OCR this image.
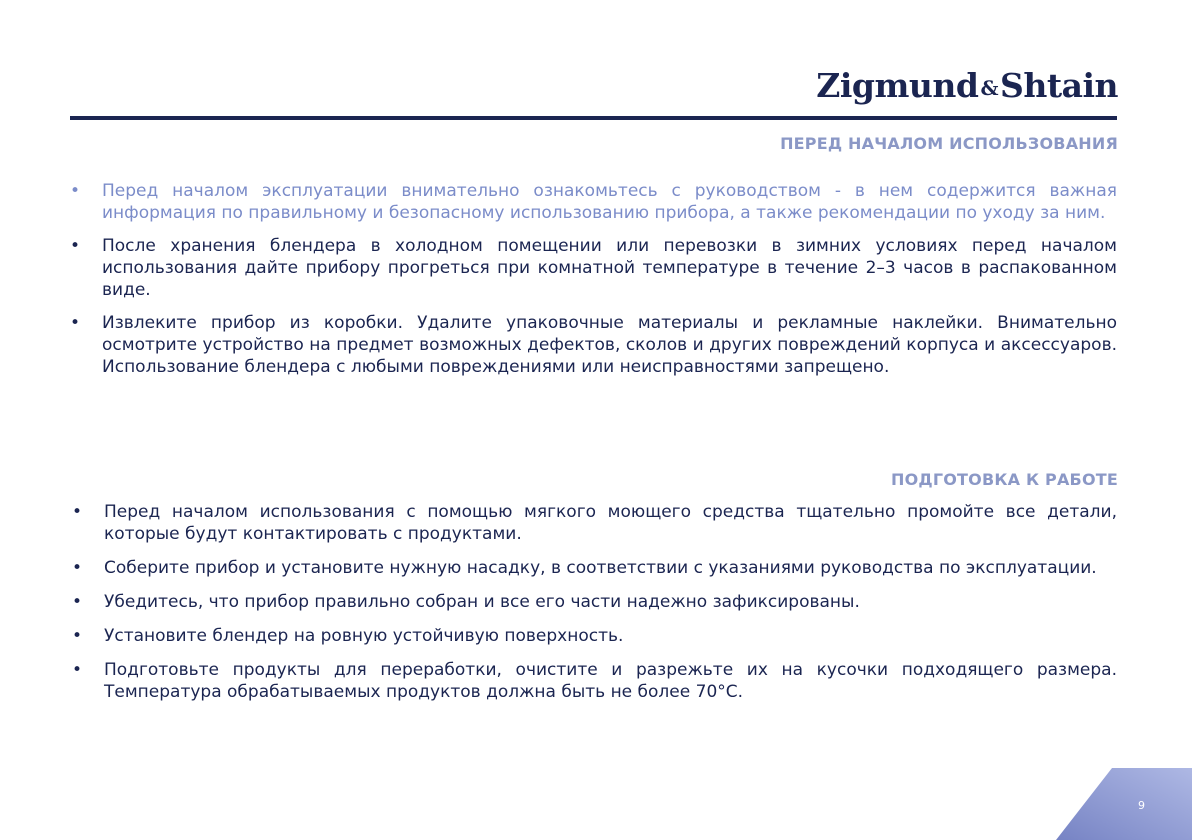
Zigmund &Shtain
ПЕРЕД НАЧАЛОМ ИСПОЛЬЗОВАНИЯ
• Перед началом эксплуатации внимательно ознакомьтесь с руководством - в нем содержится важная информация по правильному и безопасному использованию прибора, а также рекомендации по уходу за ним.
• После хранения блендера в холодном помещении или перевозки в зимних условиях перед началом использования дайте прибору прогреться при комнатной температуре в течение 2–3 часов в распакованном виде.
• Извлеките прибор из коробки. Удалите упаковочные материалы и рекламные наклейки. Внимательно осмотрите устройство на предмет возможных дефектов, сколов и других повреждений корпуса и аксессуаров. Использование блендера с любыми повреждениями или неисправностями запрещено.
ПОДГОТОВКА К РАБОТЕ
• Перед началом использования с помощью мягкого моющего средства тщательно промойте все детали, которые будут контактировать с продуктами.
• Соберите прибор и установите нужную насадку, в соответствии с указаниями руководства по эксплуатации.
• Убедитесь, что прибор правильно собран и все его части надежно зафиксированы.
• Установите блендер на ровную устойчивую поверхность.
• Подготовьте продукты для переработки, очистите и разрежьте их на кусочки подходящего размера. Температура обрабатываемых продуктов должна быть не более 70°С.
9
